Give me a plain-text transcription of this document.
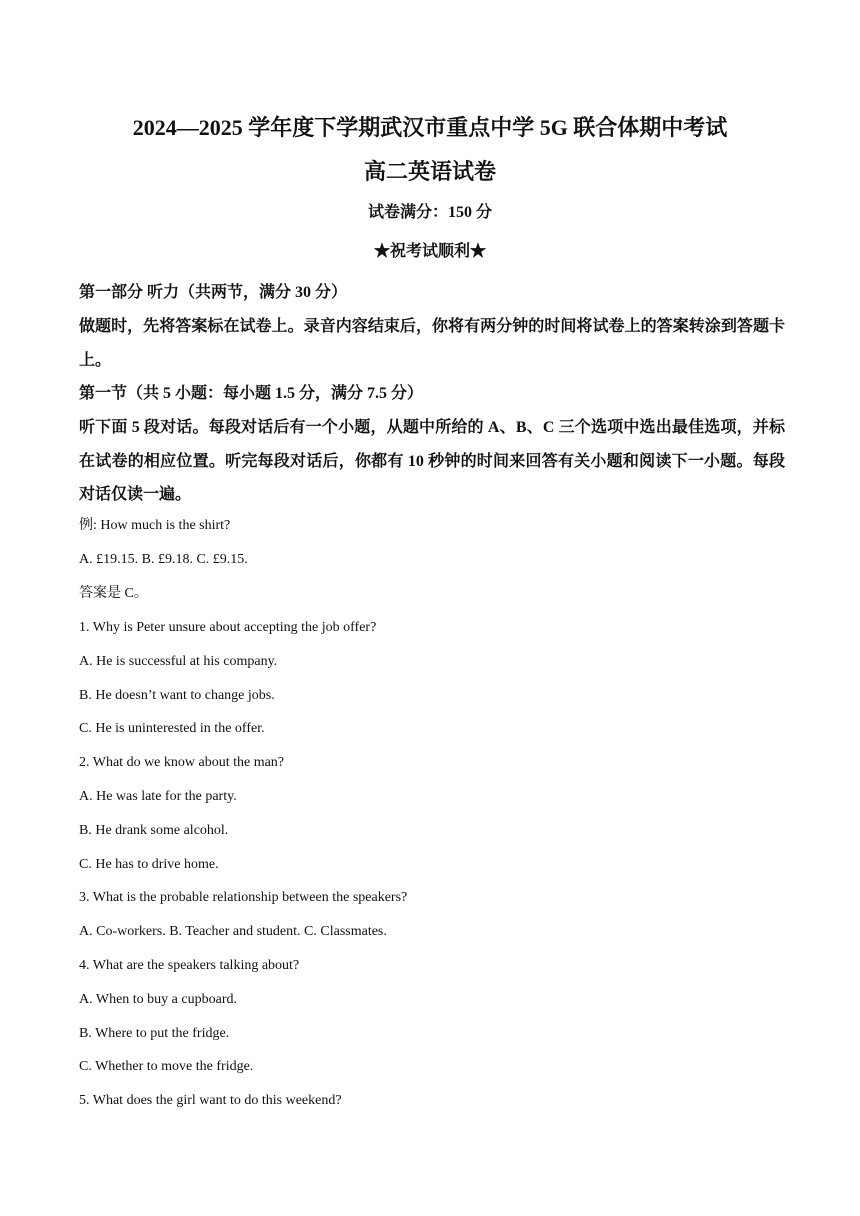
2024—2025 学年度下学期武汉市重点中学 5G 联合体期中考试
高二英语试卷
试卷满分：150 分
★祝考试顺利★
第一部分 听力（共两节，满分 30 分）
做题时，先将答案标在试卷上。录音内容结束后，你将有两分钟的时间将试卷上的答案转涂到答题卡上。
第一节（共 5 小题：每小题 1.5 分，满分 7.5 分）
听下面 5 段对话。每段对话后有一个小题，从题中所给的 A、B、C 三个选项中选出最佳选项，并标在试卷的相应位置。听完每段对话后，你都有 10 秒钟的时间来回答有关小题和阅读下一小题。每段对话仅读一遍。
例: How much is the shirt?
A. £19.15. B. £9.18. C. £9.15.
答案是 C。
1. Why is Peter unsure about accepting the job offer?
A. He is successful at his company.
B. He doesn’t want to change jobs.
C. He is uninterested in the offer.
2. What do we know about the man?
A. He was late for the party.
B. He drank some alcohol.
C. He has to drive home.
3. What is the probable relationship between the speakers?
A. Co-workers. B. Teacher and student. C. Classmates.
4. What are the speakers talking about?
A. When to buy a cupboard.
B. Where to put the fridge.
C. Whether to move the fridge.
5. What does the girl want to do this weekend?
